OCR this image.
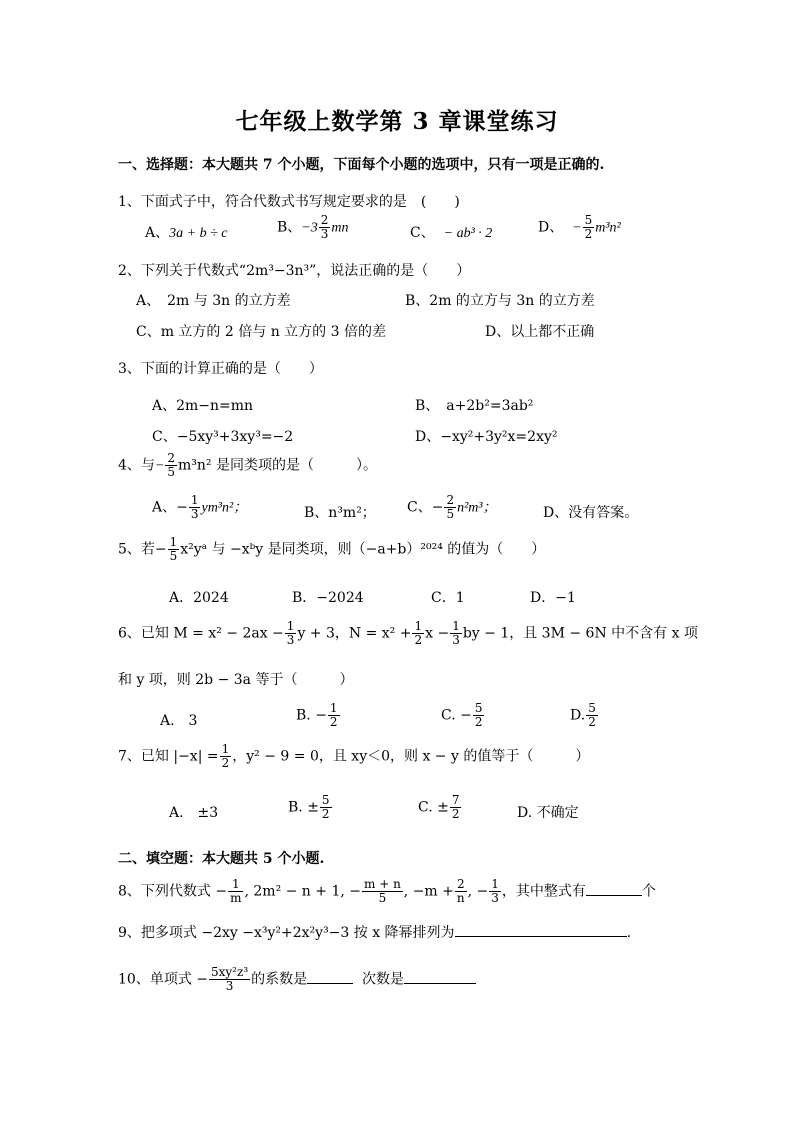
七年级上数学第 3 章课堂练习
一、选择题：本大题共 7 个小题，下面每个小题的选项中，只有一项是正确的.
1、下面式子中，符合代数式书写规定要求的是　(　　)
A、3a + b ÷ c	B、$-3 \frac{2}{3}$ mn	C、 − ab³ · 2	D、 − $\frac{5}{2} m^3n^2$
2、下列关于代数式“2m³−3n³”，说法正确的是（　　）
A、　2m 与 3n 的立方差	B、2m 的立方与 3n 的立方差
C、m 立方的 2 倍与 n 立方的 3 倍的差	D、以上都不正确
3、下面的计算正确的是（　　）
A、2m−n=mn	B、　a+2b²=3ab²
C、−5xy³+3xy³=−2	D、−xy²+3y²x=2xy²
4、与− $\frac{2}{5} m^3n^2$ 是同类项的是（　　　）。
A、− $\frac{1}{3} ym^3n^2$；	B、n³m²； C、− $\frac{2}{5} n^2m^3$；	D、没有答案。
5、若− $\frac{1}{5}$ x²yᵃ 与 −xᵇy 是同类项，则（−a+b）²⁰²⁴ 的值为（　　）
A．2024	B．−2024	C．1	D．−1
6、已知 $M = x^2 - 2ax - \frac{1}{3}$ y + 3，$N = x^2 + \frac{1}{2}$ $x - \frac{1}{3}$ by − 1，且 3M − 6N 中不含有 x 项
和 y 项，则 2b − 3a 等于（　　　）
A.　3	B. − $\frac{1}{2}$	C. − $\frac{5}{2}$	D. $\frac{5}{2}$
7、已知 $|-x| = \frac{1}{2}$ ，y² − 9 = 0，且 xy＜0，则 x − y 的值等于（　　　）
A.　±3	B. ± $\frac{5}{2}$	C. ± $\frac{7}{2}$	D. 不确定
二、填空题：本大题共 5 个小题.
8、下列代数式 − $\frac{1}{m}$ , 2m² − n + 1, − $\frac{m + n}{5}$ , $-m + \frac{2}{n}$ , − $\frac{1}{3}$ ，其中整式有	个
9、把多项式 −2xy −x³y²+2x²y³−3 按 x 降幂排列为	.
10、单项式 − $\frac{\text{5xy²z³}}{3}$ 的系数是	次数是
